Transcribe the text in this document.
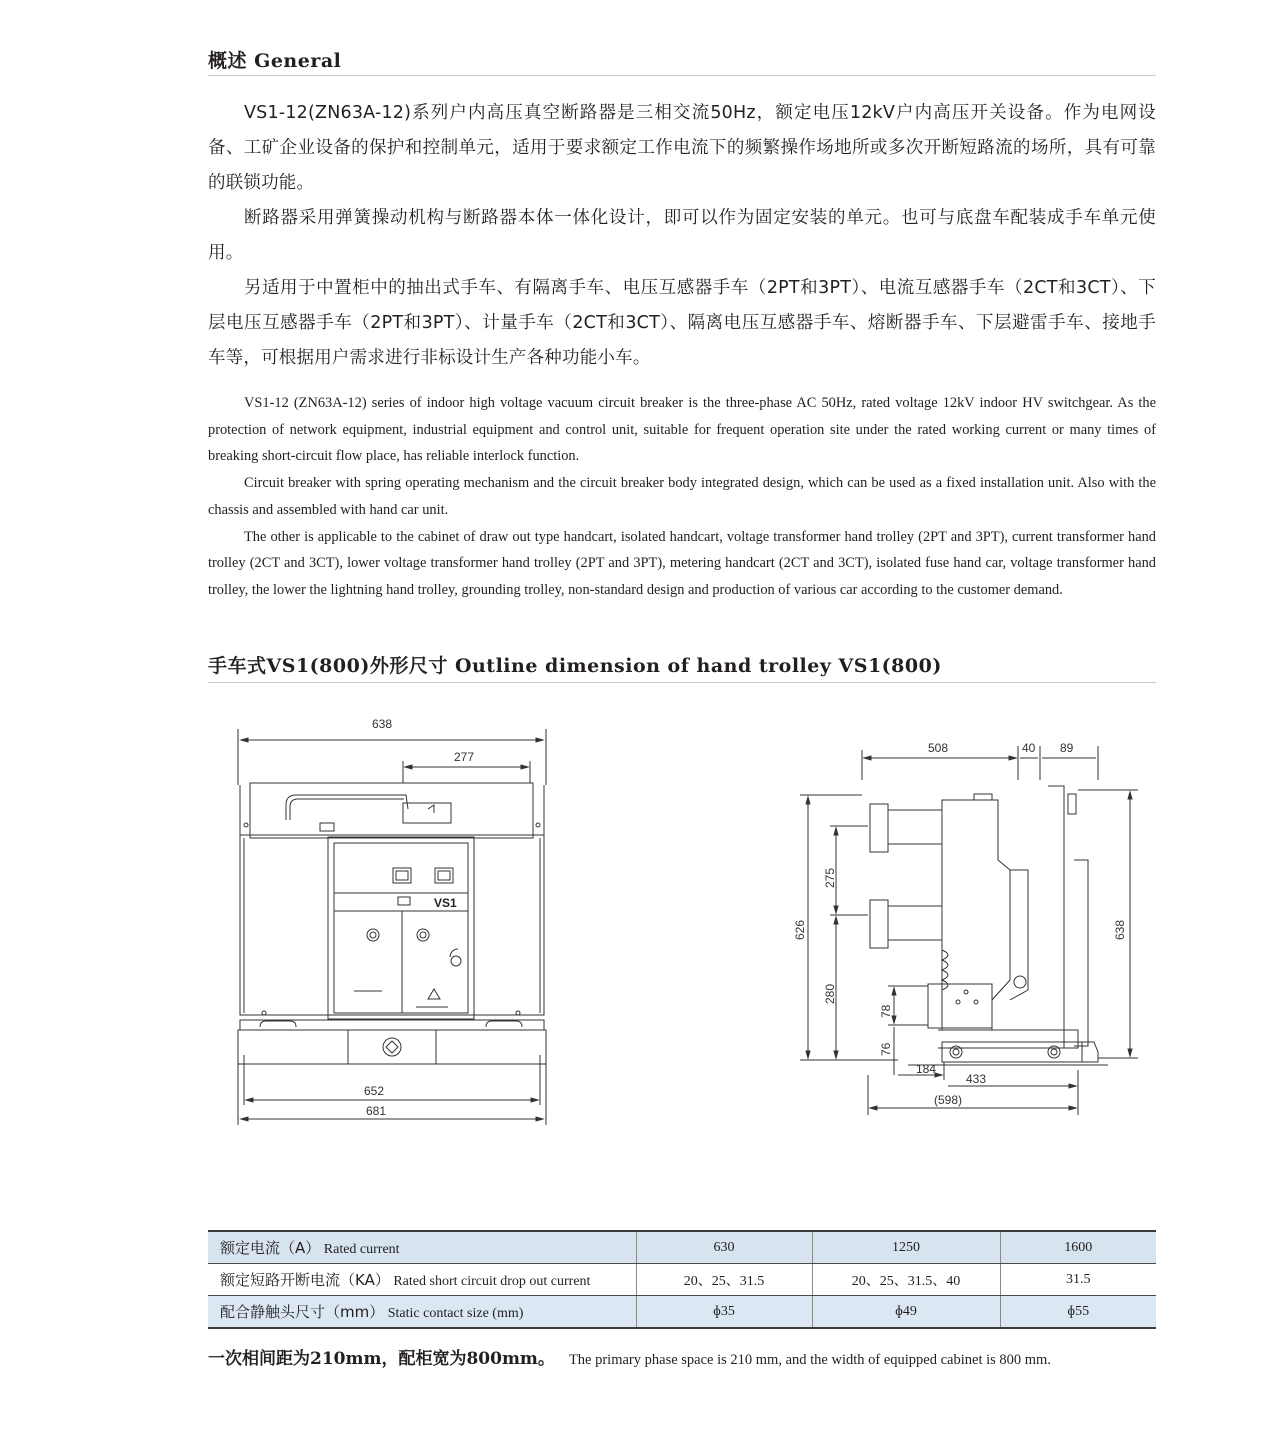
概述 General

VS1-12(ZN63A-12)系列户内高压真空断路器是三相交流50Hz，额定电压12kV户内高压开关设备。作为电网设备、工矿企业设备的保护和控制单元，适用于要求额定工作电流下的频繁操作场地所或多次开断短路流的场所，具有可靠的联锁功能。

断路器采用弹簧操动机构与断路器本体一体化设计，即可以作为固定安装的单元。也可与底盘车配装成手车单元使用。

另适用于中置柜中的抽出式手车、有隔离手车、电压互感器手车（2PT和3PT）、电流互感器手车（2CT和3CT）、下层电压互感器手车（2PT和3PT）、计量手车（2CT和3CT）、隔离电压互感器手车、熔断器手车、下层避雷手车、接地手车等，可根据用户需求进行非标设计生产各种功能小车。

VS1-12 (ZN63A-12) series of indoor high voltage vacuum circuit breaker is the three-phase AC 50Hz, rated voltage 12kV indoor HV switchgear. As the protection of network equipment, industrial equipment and control unit, suitable for frequent operation site under the rated working current or many times of breaking short-circuit flow place, has reliable interlock function.

Circuit breaker with spring operating mechanism and the circuit breaker body integrated design, which can be used as a fixed installation unit. Also with the chassis and assembled with hand car unit.

The other is applicable to the cabinet of draw out type handcart, isolated handcart, voltage transformer hand trolley (2PT and 3PT), current transformer hand trolley (2CT and 3CT), lower voltage transformer hand trolley (2PT and 3PT), metering handcart (2CT and 3CT), isolated fuse hand car, voltage transformer hand trolley, the lower the lightning hand trolley, grounding trolley, non-standard design and production of various car according to the customer demand.

手车式VS1(800)外形尺寸 Outline dimension of hand trolley VS1(800)
638
277
VS1
652
681
508	40 89
275
626
280
78
76
638
184
433
(598)
额定电流（A） Rated current	630	1250	1600
额定短路开断电流（KA） Rated short circuit drop out current	20、25、31.5	20、25、31.5、40	31.5
配合静触头尺寸（mm） Static contact size (mm)	ɸ35	ɸ49	ɸ55
一次相间距为210mm，配柜宽为800mm。 The primary phase space is 210 mm, and the width of equipped cabinet is 800 mm.
